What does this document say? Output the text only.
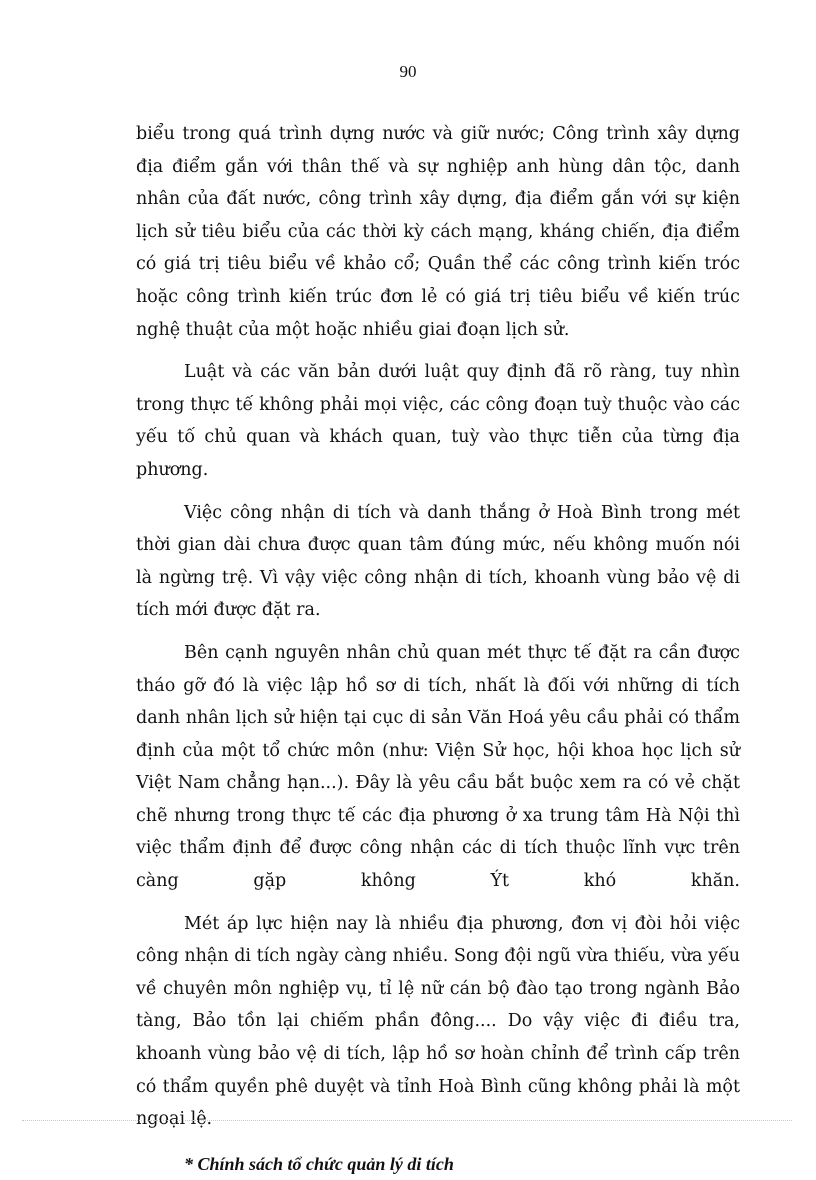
90

biểu trong quá trình dựng nước và giữ nước; Công trình xây dựng địa điểm gắn với thân thế và sự nghiệp anh hùng dân tộc, danh nhân của đất nước, công trình xây dựng, địa điểm gắn với sự kiện lịch sử tiêu biểu của các thời kỳ cách mạng, kháng chiến, địa điểm có giá trị tiêu biểu về khảo cổ; Quần thể các công trình kiến tróc hoặc công trình kiến trúc đơn lẻ có giá trị tiêu biểu về kiến trúc nghệ thuật của một hoặc nhiều giai đoạn lịch sử.

Luật và các văn bản dưới luật quy định đã rõ ràng, tuy nhìn trong thực tế không phải mọi việc, các công đoạn tuỳ thuộc vào các yếu tố chủ quan và khách quan, tuỳ vào thực tiễn của từng địa phương.

Việc công nhận di tích và danh thắng ở Hoà Bình trong mét thời gian dài chưa được quan tâm đúng mức, nếu không muốn nói là ngừng trệ. Vì vậy việc công nhận di tích, khoanh vùng bảo vệ di tích mới được đặt ra.

Bên cạnh nguyên nhân chủ quan mét thực tế đặt ra cần được tháo gỡ đó là việc lập hồ sơ di tích, nhất là đối với những di tích danh nhân lịch sử hiện tại cục di sản Văn Hoá yêu cầu phải có thẩm định của một tổ chức môn (như: Viện Sử học, hội khoa học lịch sử Việt Nam chẳng hạn...). Đây là yêu cầu bắt buộc xem ra có vẻ chặt chẽ nhưng trong thực tế các địa phương ở xa trung tâm Hà Nội thì việc thẩm định để được công nhận các di tích thuộc lĩnh vực trên càng gặp không Ýt khó khăn.

Mét áp lực hiện nay là nhiều địa phương, đơn vị đòi hỏi việc công nhận di tích ngày càng nhiều. Song đội ngũ vừa thiếu, vừa yếu về chuyên môn nghiệp vụ, tỉ lệ nữ cán bộ đào tạo trong ngành Bảo tàng, Bảo tồn lại chiếm phần đông.... Do vậy việc đi điều tra, khoanh vùng bảo vệ di tích, lập hồ sơ hoàn chỉnh để trình cấp trên có thẩm quyền phê duyệt và tỉnh Hoà Bình cũng không phải là một ngoại lệ.

* Chính sách tổ chức quản lý di tích
